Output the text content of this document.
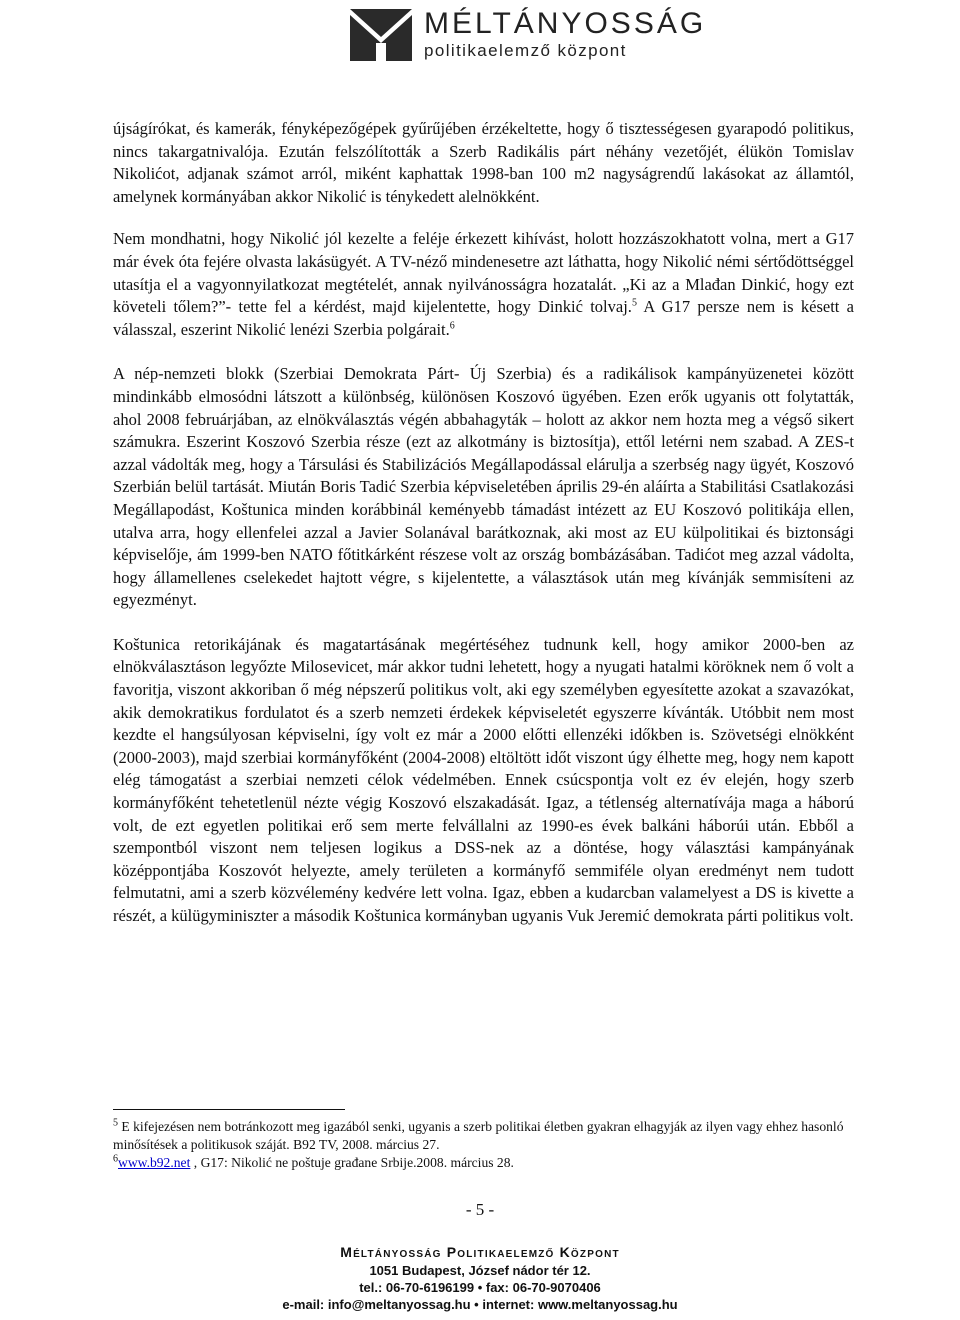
MÉLTÁNYOSSÁG
politikaelemző központ

újságírókat, és kamerák, fényképezőgépek gyűrűjében érzékeltette, hogy ő tisztességesen gyarapodó politikus, nincs takargatnivalója. Ezután felszólították a Szerb Radikális párt néhány vezetőjét, élükön Tomislav Nikolićot, adjanak számot arról, miként kaphattak 1998-ban 100 m2 nagyságrendű lakásokat az államtól, amelynek kormányában akkor Nikolić is ténykedett alelnökként.

Nem mondhatni, hogy Nikolić jól kezelte a feléje érkezett kihívást, holott hozzászokhatott volna, mert a G17 már évek óta fejére olvasta lakásügyét. A TV-néző mindenesetre azt láthatta, hogy Nikolić némi sértődöttséggel utasítja el a vagyonnyilatkozat megtételét, annak nyilvánosságra hozatalát. „Ki az a Mlađan Dinkić, hogy ezt követeli tőlem?”- tette fel a kérdést, majd kijelentette, hogy Dinkić tolvaj.$^5$ A G17 persze nem is késett a válasszal, eszerint Nikolić lenézi Szerbia polgárait.$^6$

A nép-nemzeti blokk (Szerbiai Demokrata Párt- Új Szerbia) és a radikálisok kampányüzenetei között mindinkább elmosódni látszott a különbség, különösen Koszovó ügyében. Ezen erők ugyanis ott folytatták, ahol 2008 februárjában, az elnökválasztás végén abbahagyták – holott az akkor nem hozta meg a végső sikert számukra. Eszerint Koszovó Szerbia része (ezt az alkotmány is biztosítja), ettől letérni nem szabad. A ZES-t azzal vádolták meg, hogy a Társulási és Stabilizációs Megállapodással elárulja a szerbség nagy ügyét, Koszovó Szerbián belül tartását. Miután Boris Tadić Szerbia képviseletében április 29-én aláírta a Stabilitási Csatlakozási Megállapodást, Koštunica minden korábbinál keményebb támadást intézett az EU Koszovó politikája ellen, utalva arra, hogy ellenfelei azzal a Javier Solanával barátkoznak, aki most az EU külpolitikai és biztonsági képviselője, ám 1999-ben NATO főtitkárként részese volt az ország bombázásában. Tadićot meg azzal vádolta, hogy államellenes cselekedet hajtott végre, s kijelentette, a választások után meg kívánják semmisíteni az egyezményt.

Koštunica retorikájának és magatartásának megértéséhez tudnunk kell, hogy amikor 2000-ben az elnökválasztáson legyőzte Milosevicet, már akkor tudni lehetett, hogy a nyugati hatalmi köröknek nem ő volt a favoritja, viszont akkoriban ő még népszerű politikus volt, aki egy személyben egyesítette azokat a szavazókat, akik demokratikus fordulatot és a szerb nemzeti érdekek képviseletét egyszerre kívánták. Utóbbit nem most kezdte el hangsúlyosan képviselni, így volt ez már a 2000 előtti ellenzéki időkben is. Szövetségi elnökként (2000-2003), majd szerbiai kormányfőként (2004-2008) eltöltött időt viszont úgy élhette meg, hogy nem kapott elég támogatást a szerbiai nemzeti célok védelmében. Ennek csúcspontja volt ez év elején, hogy szerb kormányfőként tehetetlenül nézte végig Koszovó elszakadását. Igaz, a tétlenség alternatívája maga a háború volt, de ezt egyetlen politikai erő sem merte felvállalni az 1990-es évek balkáni háborúi után. Ebből a szempontból viszont nem teljesen logikus a DSS-nek az a döntése, hogy választási kampányának középpontjába Koszovót helyezte, amely területen a kormányfő semmiféle olyan eredményt nem tudott felmutatni, ami a szerb közvélemény kedvére lett volna. Igaz, ebben a kudarcban valamelyest a DS is kivette a részét, a külügyminiszter a második Koštunica kormányban ugyanis Vuk Jeremić demokrata párti politikus volt.

$^5$ E kifejezésen nem botránkozott meg igazából senki, ugyanis a szerb politikai életben gyakran elhagyják az ilyen vagy ehhez hasonló minősítések a politikusok száját. B92 TV, 2008. március 27.

$^6$www.b92.net , G17: Nikolić ne poštuje građane Srbije.2008. március 28.

- 5 -
Méltányosság Politikaelemző Központ
1051 Budapest, József nádor tér 12.
tel.: 06-70-6196199 • fax: 06-70-9070406
e-mail: info@meltanyossag.hu • internet: www.meltanyossag.hu
